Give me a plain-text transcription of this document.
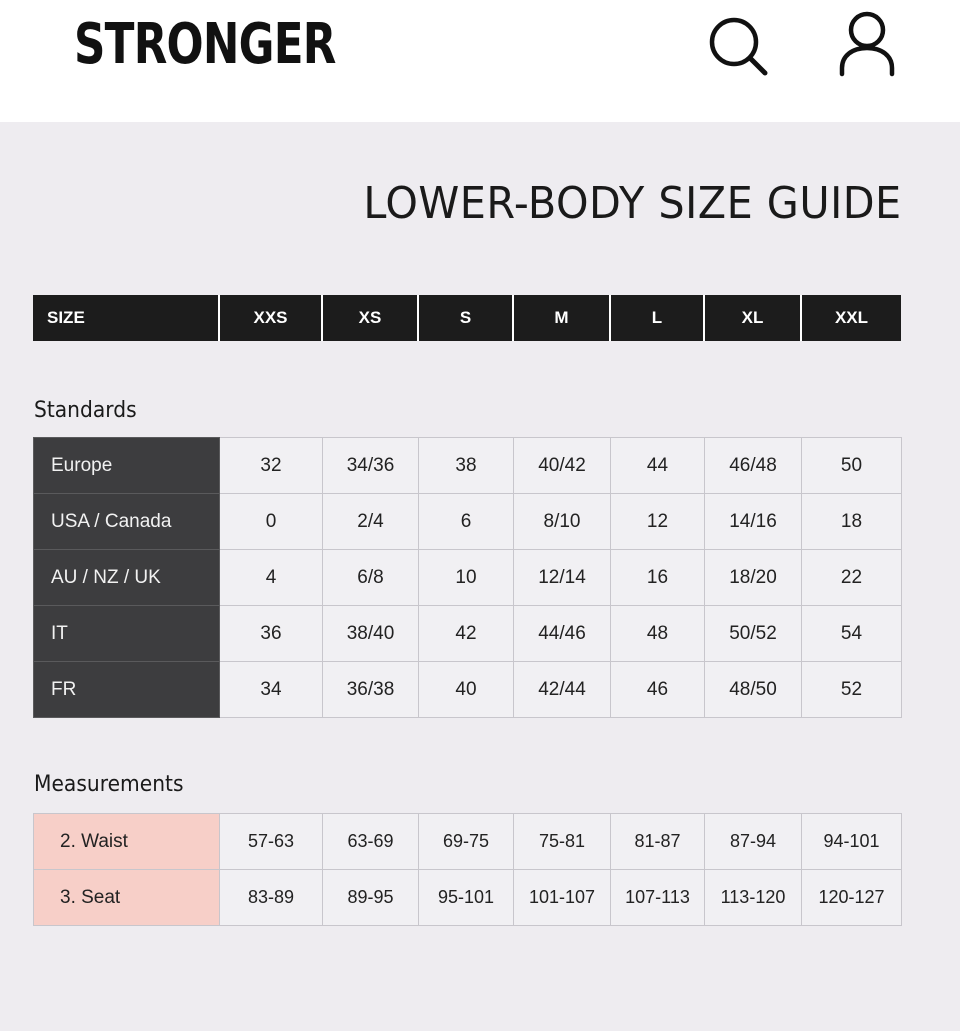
STRONGER
LOWER-BODY SIZE GUIDE
SIZE	XXS	XS	S	M	L	XL	XXL
Standards
Europe	32	34/36	38	40/42	44	46/48	50
USA / Canada	0	2/4	6	8/10	12	14/16	18
AU / NZ / UK	4	6/8	10	12/14	16	18/20	22
IT	36	38/40	42	44/46	48	50/52	54
FR	34	36/38	40	42/44	46	48/50	52
Measurements
2. Waist	57-63	63-69	69-75	75-81	81-87	87-94	94-101
3. Seat	83-89	89-95	95-101	101-107	107-113	113-120	120-127
